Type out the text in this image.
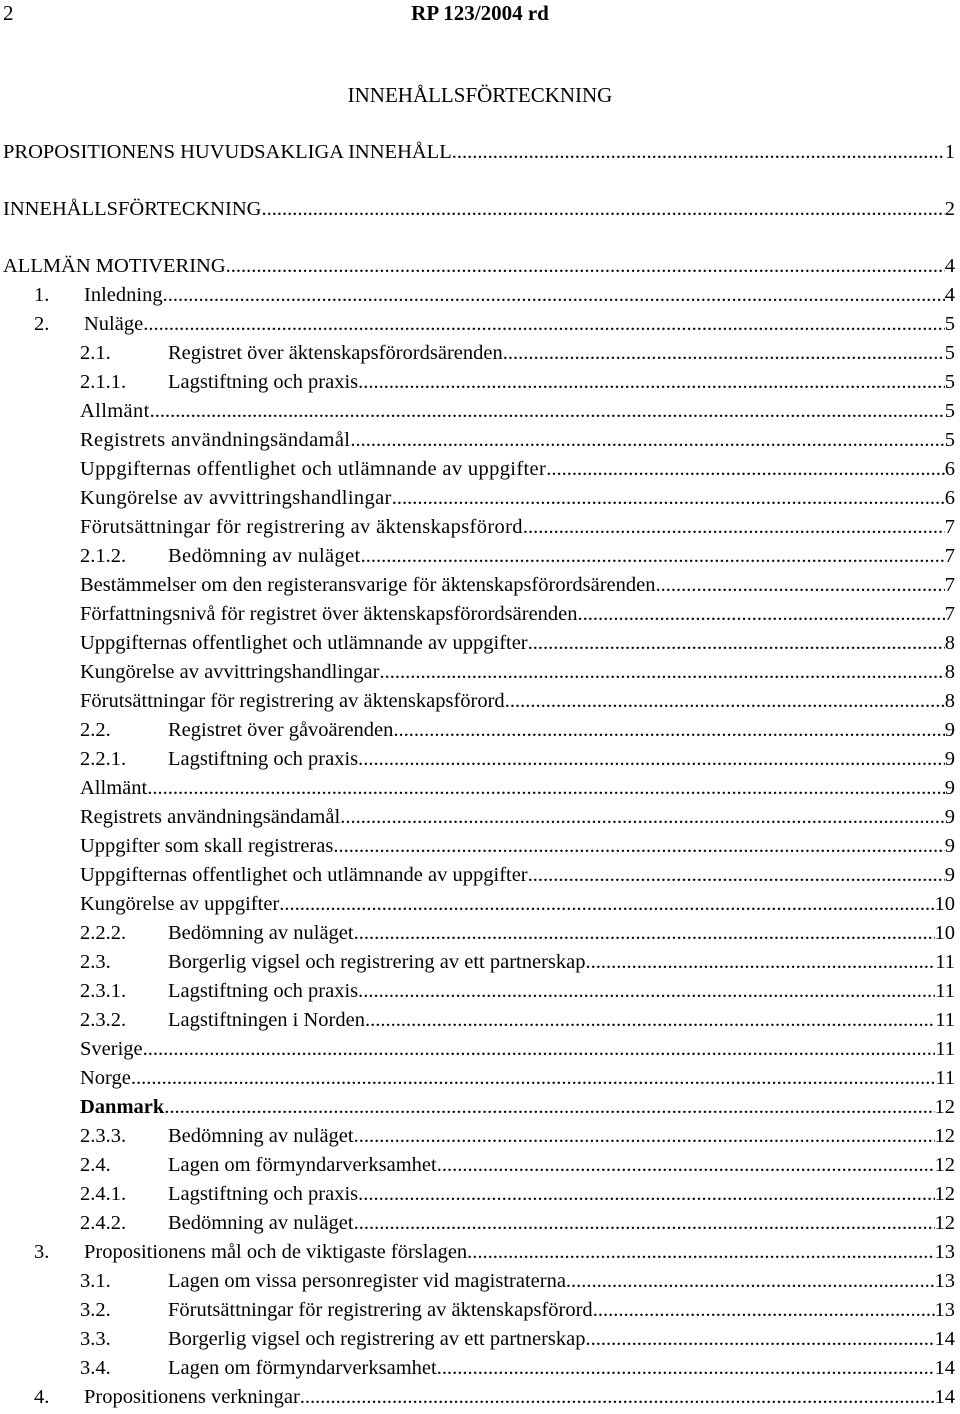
2	RP 123/2004 rd
INNEHÅLLSFÖRTECKNING
PROPOSITIONENS HUVUDSAKLIGA INNEHÅLL .....	1
INNEHÅLLSFÖRTECKNING .....	2
ALLMÄN MOTIVERING .....	4
1.	Inledning .....	4
2.	Nuläge .....	5
2.1.	Registret över äktenskapsförordsärenden .....	5
2.1.1.	Lagstiftning och praxis .....	5
Allmänt .....	5
Registrets användningsändamål .....	5
Uppgifternas offentlighet och utlämnande av uppgifter .....	6
Kungörelse av avvittringshandlingar .....	6
Förutsättningar för registrering av äktenskapsförord .....	7
2.1.2.	Bedömning av nuläget .....	7
Bestämmelser om den registeransvarige för äktenskapsförordsärenden .....	7
Författningsnivå för registret över äktenskapsförordsärenden .....	7
Uppgifternas offentlighet och utlämnande av uppgifter .....	8
Kungörelse av avvittringshandlingar .....	8
Förutsättningar för registrering av äktenskapsförord .....	8
2.2.	Registret över gåvoärenden .....	9
2.2.1.	Lagstiftning och praxis .....	9
Allmänt .....	9
Registrets användningsändamål .....	9
Uppgifter som skall registreras .....	9
Uppgifternas offentlighet och utlämnande av uppgifter .....	9
Kungörelse av uppgifter .....	10
2.2.2.	Bedömning av nuläget .....	10
2.3.	Borgerlig vigsel och registrering av ett partnerskap .....	11
2.3.1.	Lagstiftning och praxis .....	11
2.3.2.	Lagstiftningen i Norden .....	11
Sverige .....	11
Norge .....	11
Danmark .....	12
2.3.3.	Bedömning av nuläget .....	12
2.4.	Lagen om förmyndarverksamhet .....	12
2.4.1.	Lagstiftning och praxis .....	12
2.4.2.	Bedömning av nuläget .....	12
3.	Propositionens mål och de viktigaste förslagen .....	13
3.1.	Lagen om vissa personregister vid magistraterna .....	13
3.2.	Förutsättningar för registrering av äktenskapsförord .....	13
3.3.	Borgerlig vigsel och registrering av ett partnerskap .....	14
3.4.	Lagen om förmyndarverksamhet .....	14
4.	Propositionens verkningar .....	14
